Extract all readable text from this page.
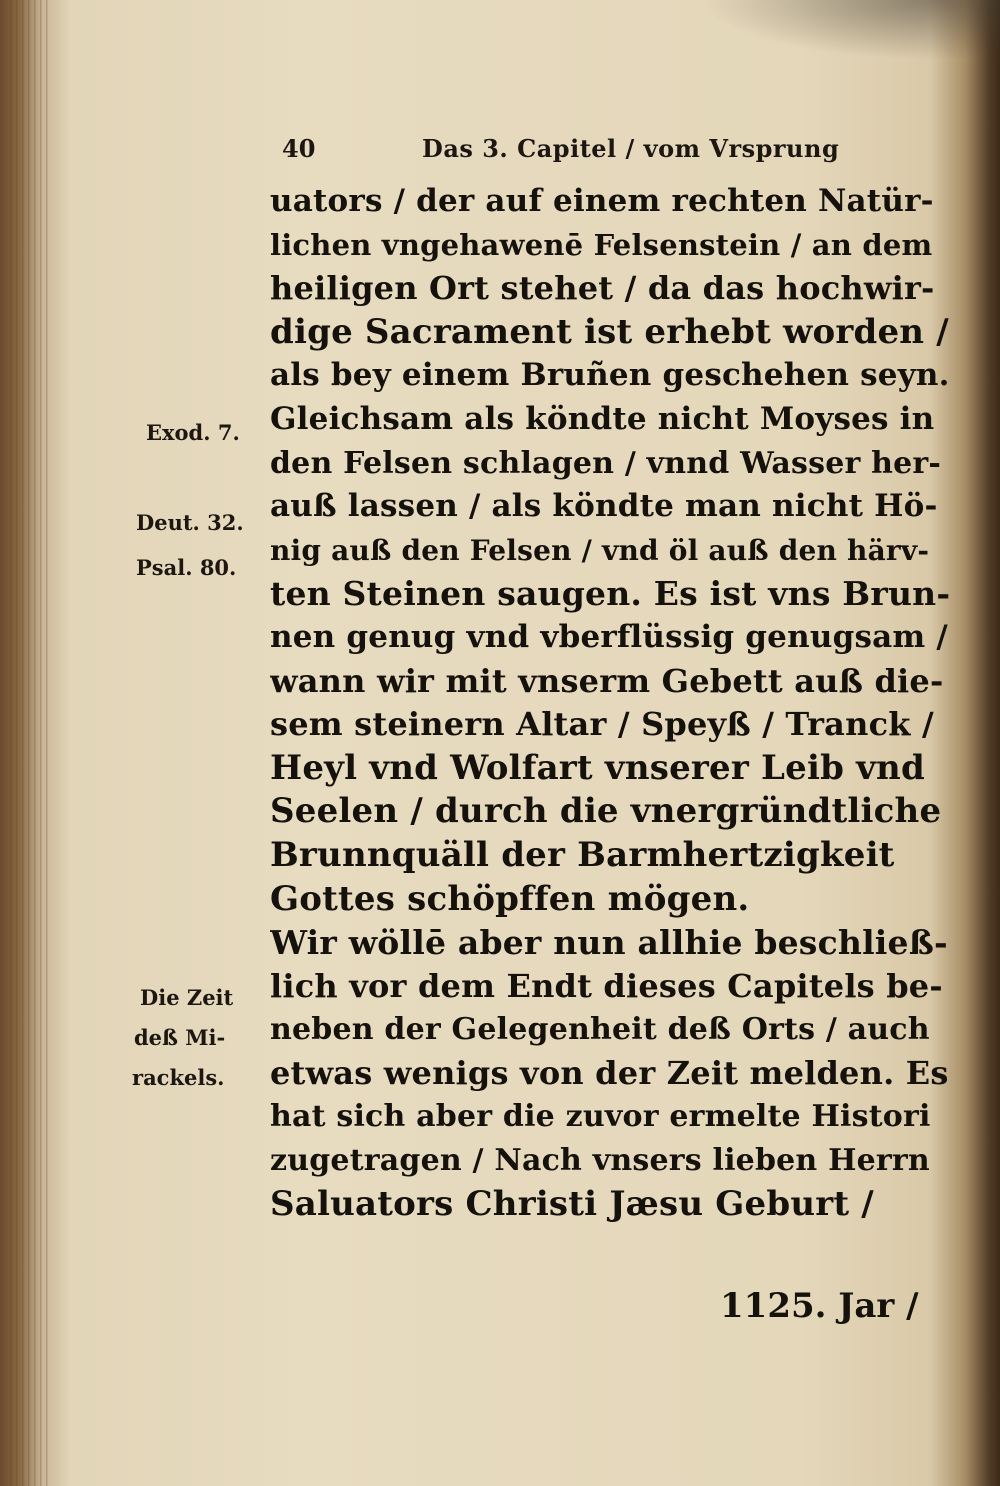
40	Das 3. Capitel / vom Vrsprung
Exod. 7.
Deut. 32.
Psal. 80.
Die Zeit
deß Mi-
rackels.
uators / der auf einem rechten Natür-
lichen vngehawenē Felsenstein / an dem
heiligen Ort stehet / da das hochwir-
dige Sacrament ist erhebt worden /
als bey einem Bruñen geschehen seyn.
Gleichsam als köndte nicht Moyses in
den Felsen schlagen / vnnd Wasser her-
auß lassen / als köndte man nicht Hö-
nig auß den Felsen / vnd öl auß den härv-
ten Steinen saugen. Es ist vns Brun-
nen genug vnd vberflüssig genugsam /
wann wir mit vnserm Gebett auß die-
sem steinern Altar / Speyß / Tranck /
Heyl vnd Wolfart vnserer Leib vnd
Seelen / durch die vnergründtliche
Brunnquäll der Barmhertzigkeit
Gottes schöpffen mögen.
Wir wöllē aber nun allhie beschließ-
lich vor dem Endt dieses Capitels be-
neben der Gelegenheit deß Orts / auch
etwas wenigs von der Zeit melden. Es
hat sich aber die zuvor ermelte Histori
zugetragen / Nach vnsers lieben Herrn
Saluators Christi Jæsu Geburt /
1125. Jar /
